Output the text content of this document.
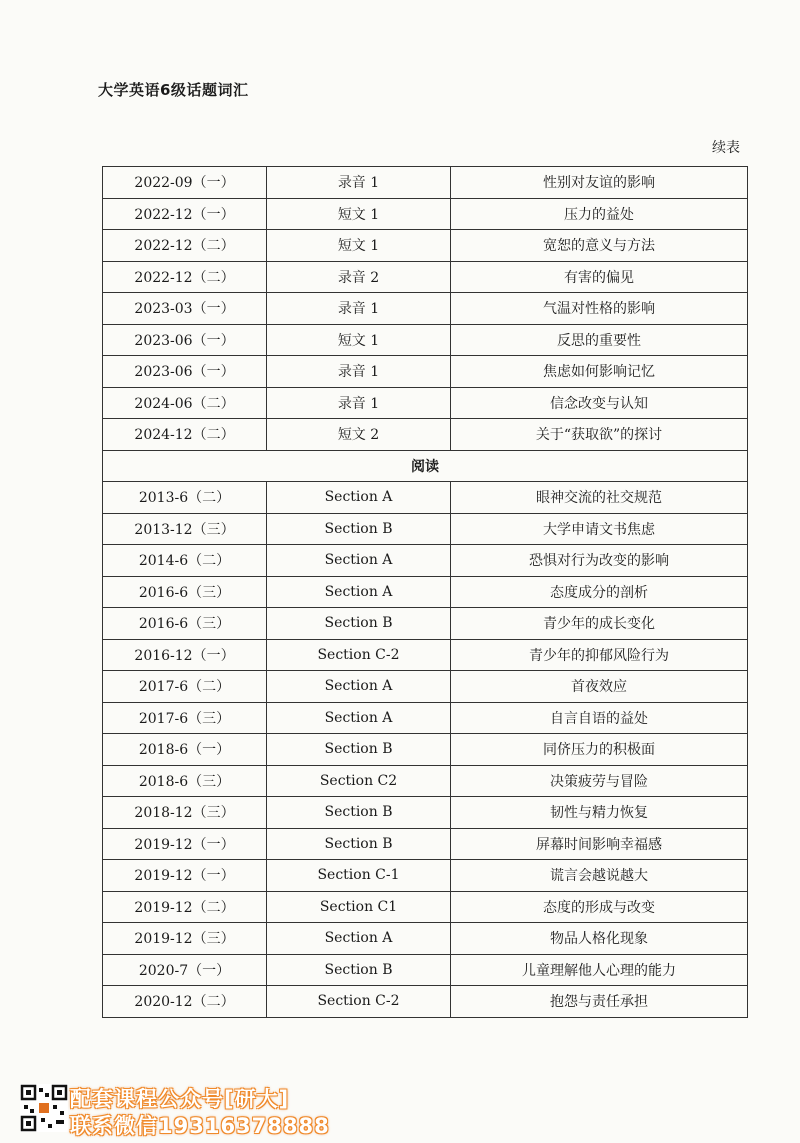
大学英语6级话题词汇
续表
2022-09（一）	录音 1	性别对友谊的影响
2022-12（一）	短文 1	压力的益处
2022-12（二）	短文 1	宽恕的意义与方法
2022-12（二）	录音 2	有害的偏见
2023-03（一）	录音 1	气温对性格的影响
2023-06（一）	短文 1	反思的重要性
2023-06（一）	录音 1	焦虑如何影响记忆
2024-06（二）	录音 1	信念改变与认知
2024-12（二）	短文 2	关于“获取欲”的探讨
阅读		
2013-6（二）	Section A	眼神交流的社交规范
2013-12（三）	Section B	大学申请文书焦虑
2014-6（二）	Section A	恐惧对行为改变的影响
2016-6（三）	Section A	态度成分的剖析
2016-6（三）	Section B	青少年的成长变化
2016-12（一）	Section C-2	青少年的抑郁风险行为
2017-6（二）	Section A	首夜效应
2017-6（三）	Section A	自言自语的益处
2018-6（一）	Section B	同侪压力的积极面
2018-6（三）	Section C2	决策疲劳与冒险
2018-12（三）	Section B	韧性与精力恢复
2019-12（一）	Section B	屏幕时间影响幸福感
2019-12（一）	Section C-1	谎言会越说越大
2019-12（二）	Section C1	态度的形成与改变
2019-12（三）	Section A	物品人格化现象
2020-7（一）	Section B	儿童理解他人心理的能力
2020-12（二）	Section C-2	抱怨与责任承担
配套课程公众号[研大]
联系微信19316378888
